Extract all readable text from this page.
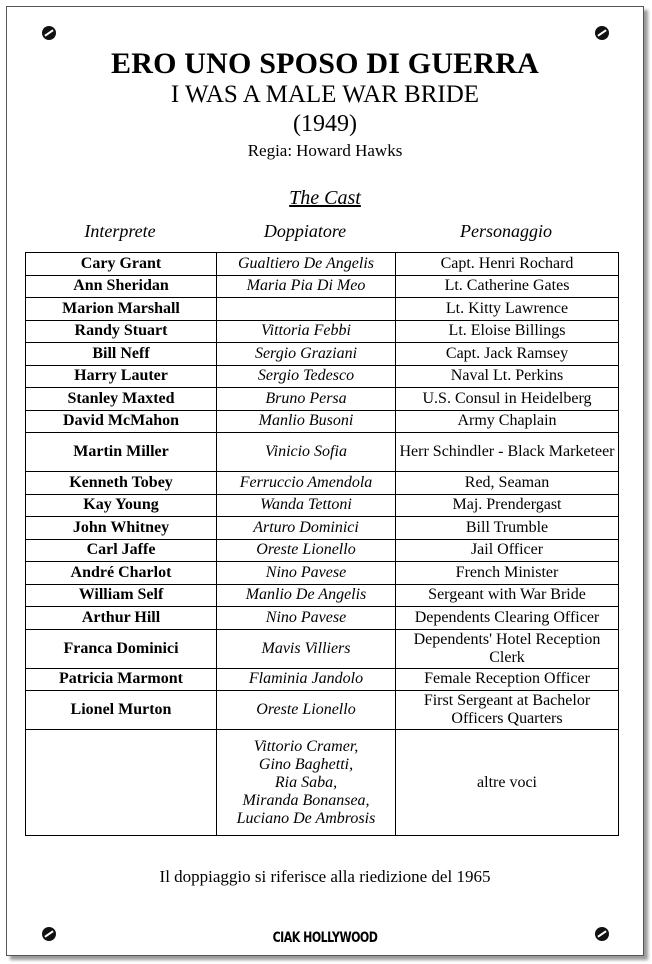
ERO UNO SPOSO DI GUERRA
I WAS A MALE WAR BRIDE
(1949)
Regia: Howard Hawks
The Cast
Interprete	Doppiatore	Personaggio
Cary Grant	Gualtiero De Angelis	Capt. Henri Rochard
Ann Sheridan	Maria Pia Di Meo	Lt. Catherine Gates
Marion Marshall		Lt. Kitty Lawrence
Randy Stuart	Vittoria Febbi	Lt. Eloise Billings
Bill Neff	Sergio Graziani	Capt. Jack Ramsey
Harry Lauter	Sergio Tedesco	Naval Lt. Perkins
Stanley Maxted	Bruno Persa	U.S. Consul in Heidelberg
David McMahon	Manlio Busoni	Army Chaplain
Martin Miller	Vinicio Sofia	Herr Schindler - Black Marketeer
Kenneth Tobey	Ferruccio Amendola	Red, Seaman
Kay Young	Wanda Tettoni	Maj. Prendergast
John Whitney	Arturo Dominici	Bill Trumble
Carl Jaffe	Oreste Lionello	Jail Officer
André Charlot	Nino Pavese	French Minister
William Self	Manlio De Angelis	Sergeant with War Bride
Arthur Hill	Nino Pavese	Dependents Clearing Officer
Franca Dominici	Mavis Villiers	Dependents' Hotel Reception Clerk
Patricia Marmont	Flaminia Jandolo	Female Reception Officer
Lionel Murton	Oreste Lionello	First Sergeant at Bachelor Officers Quarters

	Vittorio Cramer,
Gino Baghetti,
Ria Saba,
Miranda Bonansea,
Luciano De Ambrosis	altre voci
Il doppiaggio si riferisce alla riedizione del 1965
CIAK HOLLYWOOD
